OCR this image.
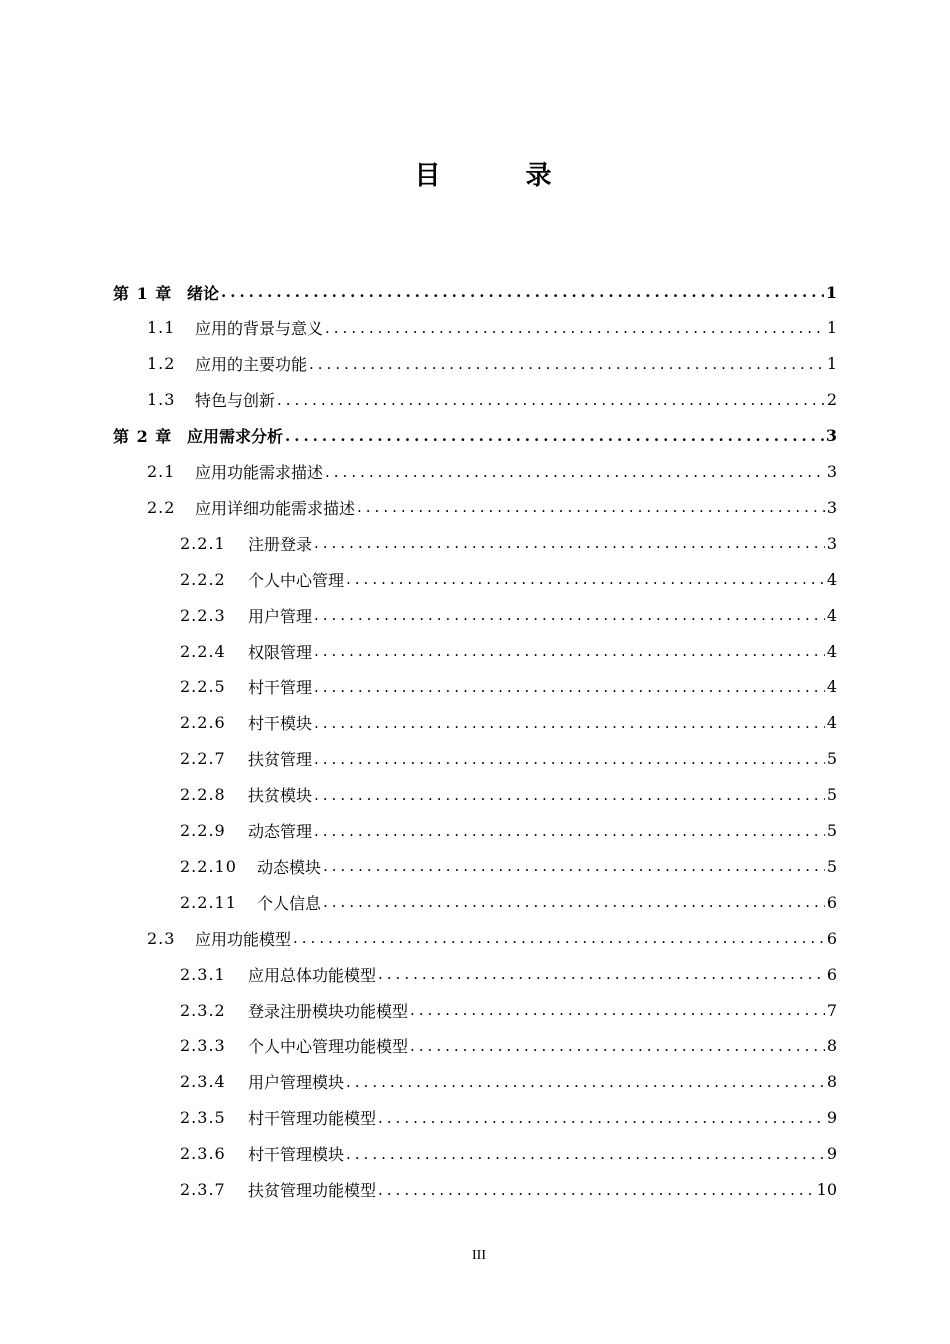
目 录
第 1 章 绪论 .....	1
1.1	应用的背景与意义 .....	1
1.2	应用的主要功能 .....	1
1.3	特色与创新 .....	2
第 2 章 应用需求分析 .....	3
2.1	应用功能需求描述 .....	3
2.2	应用详细功能需求描述 .....	3
2.2.1	注册登录 .....	3
2.2.2	个人中心管理 .....	4
2.2.3	用户管理 .....	4
2.2.4	权限管理 .....	4
2.2.5	村干管理 .....	4
2.2.6	村干模块 .....	4
2.2.7	扶贫管理 .....	5
2.2.8	扶贫模块 .....	5
2.2.9	动态管理 .....	5
2.2.10	动态模块 .....	5
2.2.11	个人信息 .....	6
2.3	应用功能模型 .....	6
2.3.1	应用总体功能模型 .....	6
2.3.2	登录注册模块功能模型 .....	7
2.3.3	个人中心管理功能模型 .....	8
2.3.4	用户管理模块 .....	8
2.3.5	村干管理功能模型 .....	9
2.3.6	村干管理模块 .....	9
2.3.7	扶贫管理功能模型 .....	10
III
